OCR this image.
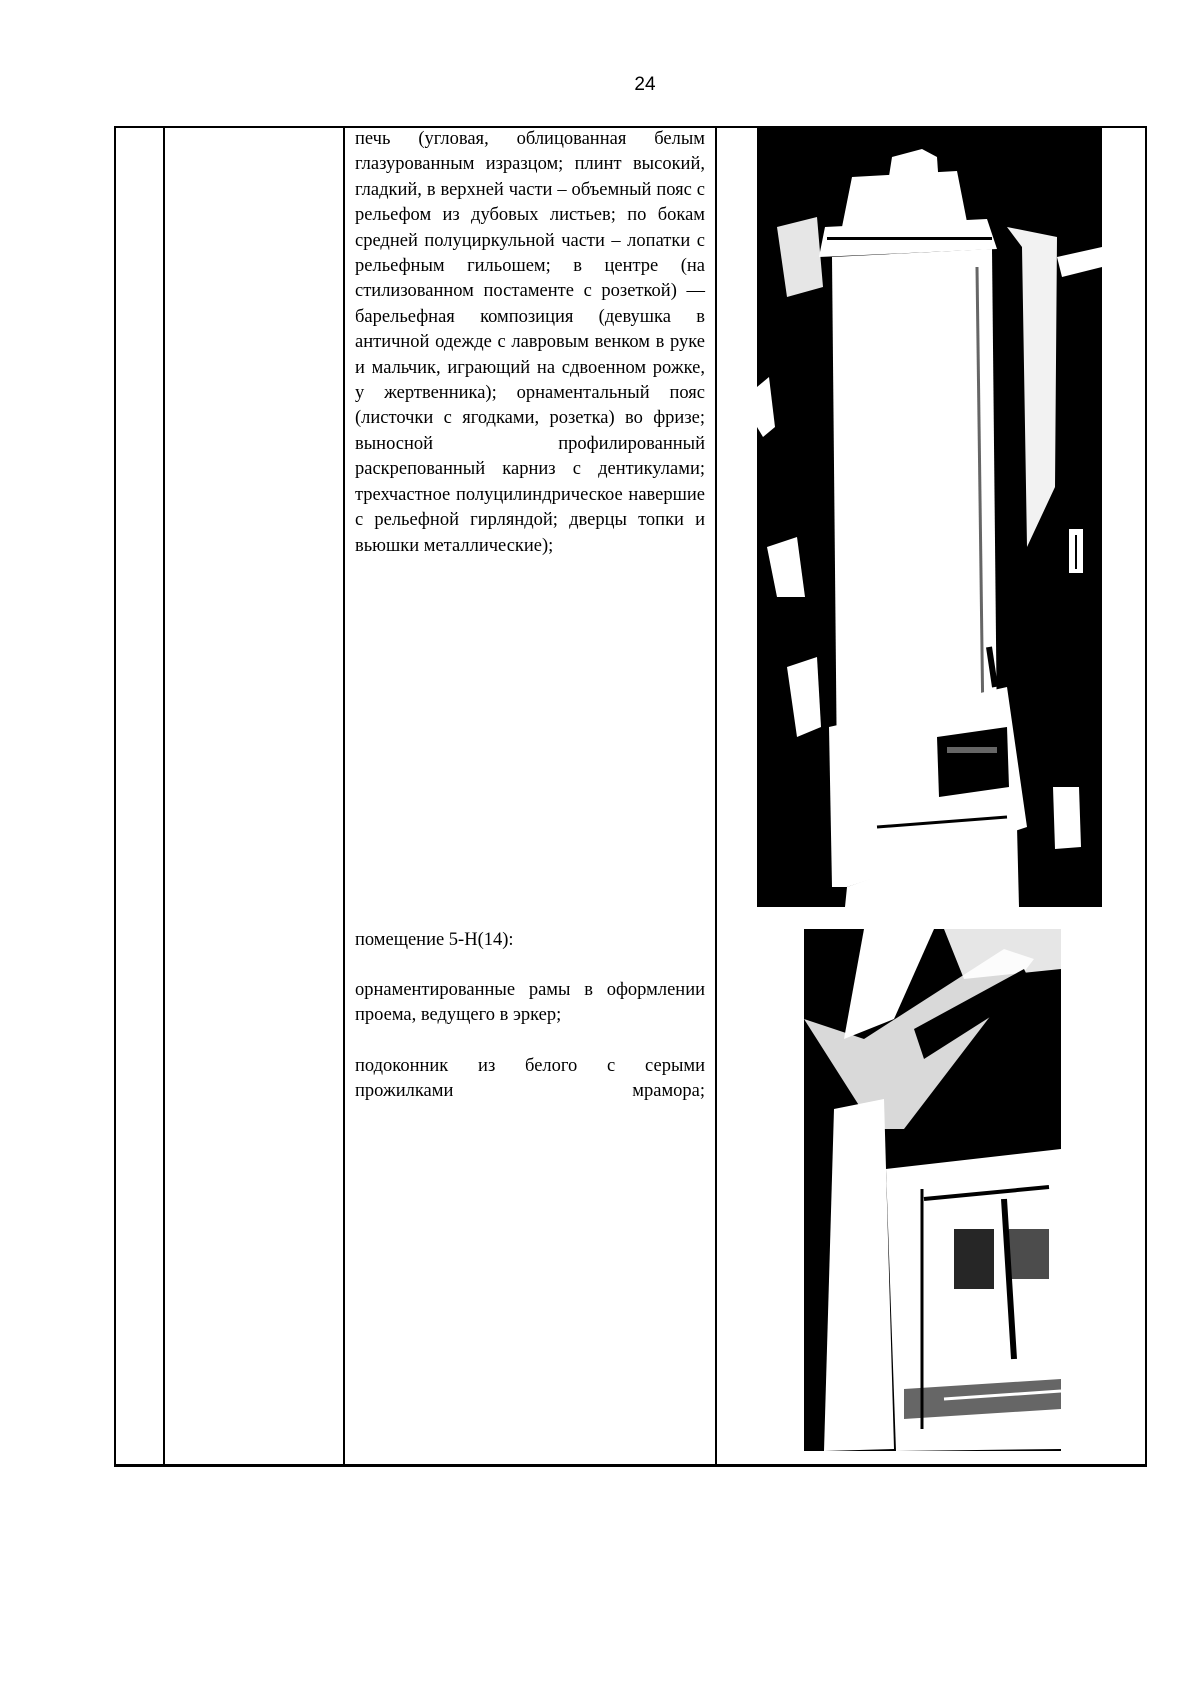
24
печь (угловая, облицованная белым глазурованным изразцом; плинт высокий, гладкий, в верхней части – объемный пояс с рельефом из дубовых листьев; по бокам средней полуциркульной части – лопатки с рельефным гильошем; в центре (на стилизованном постаменте с розеткой) — барельефная композиция (девушка в античной одежде с лавровым венком в руке и мальчик, играющий на сдвоенном рожке, у жертвенника); орнаментальный пояс (листочки с ягодками, розетка) во фризе; выносной профилированный раскрепованный карниз с дентикулами; трехчастное полуцилиндрическое навершие с рельефной гирляндой; дверцы топки и вьюшки металлические);
помещение 5-Н(14):
орнаментированные рамы в оформлении проема, ведущего в эркер;
подоконник из белого с серыми прожилками мрамора;
